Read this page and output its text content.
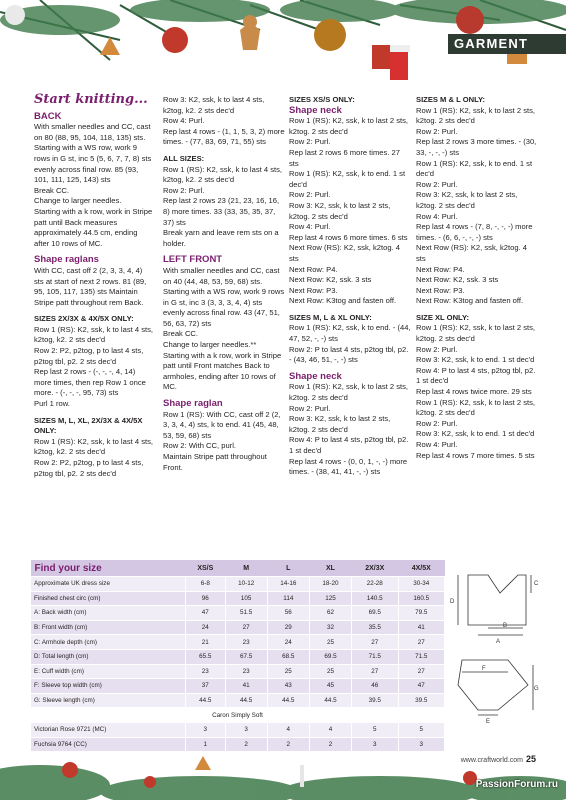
GARMENT
Start knitting...
BACK

With smaller needles and CC, cast on 80 (88, 95, 104, 118, 135) sts.

Starting with a WS row, work 9 rows in G st, inc 5 (5, 6, 7, 7, 8) sts evenly across final row. 85 (93, 101, 111, 125, 143) sts

Break CC.

Change to larger needles.

Starting with a k row, work in Stripe patt until Back measures approximately 44.5 cm, ending after 10 rows of MC.

Shape raglans

With CC, cast off 2 (2, 3, 3, 4, 4) sts at start of next 2 rows. 81 (89, 95, 105, 117, 135) sts Maintain Stripe patt throughout rem Back.

SIZES 2X/3X & 4X/5X ONLY:

Row 1 (RS): K2, ssk, k to last 4 sts, k2tog, k2. 2 sts dec'd

Row 2: P2, p2tog, p to last 4 sts, p2tog tbl, p2. 2 sts dec'd

Rep last 2 rows - (-, -, -, 4, 14) more times, then rep Row 1 once more. - (-, -, -, 95, 73) sts

Purl 1 row.

SIZES M, L, XL, 2X/3X & 4X/5X ONLY:

Row 1 (RS): K2, ssk, k to last 4 sts, k2tog, k2. 2 sts dec'd

Row 2: P2, p2tog, p to last 4 sts, p2tog tbl, p2. 2 sts dec'd

Row 3: K2, ssk, k to last 4 sts, k2tog, k2. 2 sts dec'd

Row 4: Purl.

Rep last 4 rows - (1, 1, 5, 3, 2) more times. - (77, 83, 69, 71, 55) sts

ALL SIZES:

Row 1 (RS): K2, ssk, k to last 4 sts, k2tog, k2. 2 sts dec'd

Row 2: Purl.

Rep last 2 rows 23 (21, 23, 16, 16, 8) more times. 33 (33, 35, 35, 37, 37) sts

Break yarn and leave rem sts on a holder.

LEFT FRONT

With smaller needles and CC, cast on 40 (44, 48, 53, 59, 68) sts.

Starting with a WS row, work 9 rows in G st, inc 3 (3, 3, 3, 4, 4) sts evenly across final row. 43 (47, 51, 56, 63, 72) sts

Break CC.

Change to larger needles.**

Starting with a k row, work in Stripe patt until Front matches Back to armholes, ending after 10 rows of MC.

Shape raglan

Row 1 (RS): With CC, cast off 2 (2, 3, 3, 4, 4) sts, k to end. 41 (45, 48, 53, 59, 68) sts

Row 2: With CC, purl.

Maintain Stripe patt throughout Front.

SIZES XS/S ONLY:
Shape neck

Row 1 (RS): K2, ssk, k to last 2 sts, k2tog. 2 sts dec'd

Row 2: Purl.

Rep last 2 rows 6 more times. 27 sts

Row 1 (RS): K2, ssk, k to end. 1 st dec'd

Row 2: Purl.

Row 3: K2, ssk, k to last 2 sts, k2tog. 2 sts dec'd

Row 4: Purl.

Rep last 4 rows 6 more times. 6 sts

Next Row (RS): K2, ssk, k2tog. 4 sts

Next Row: P4.

Next Row: K2, ssk. 3 sts

Next Row: P3.

Next Row: K3tog and fasten off.

SIZES M, L & XL ONLY:

Row 1 (RS): K2, ssk, k to end. - (44, 47, 52, -, -) sts

Row 2: P to last 4 sts, p2tog tbl, p2. - (43, 46, 51, -, -) sts

Shape neck

Row 1 (RS): K2, ssk, k to last 2 sts, k2tog. 2 sts dec'd

Row 2: Purl.

Row 3: K2, ssk, k to last 2 sts, k2tog. 2 sts dec'd

Row 4: P to last 4 sts, p2tog tbl, p2. 1 st dec'd

Rep last 4 rows - (0, 0, 1, -, -) more times. - (38, 41, 41, -, -) sts

SIZES M & L ONLY:

Row 1 (RS): K2, ssk, k to last 2 sts, k2tog. 2 sts dec'd

Row 2: Purl.

Rep last 2 rows 3 more times. - (30, 33, -, -, -) sts

Row 1 (RS): K2, ssk, k to end. 1 st dec'd

Row 2: Purl.

Row 3: K2, ssk, k to last 2 sts, k2tog. 2 sts dec'd

Row 4: Purl.

Rep last 4 rows - (7, 8, -, -, -) more times. - (6, 6, -, -, -) sts

Next Row (RS): K2, ssk, k2tog. 4 sts

Next Row: P4.

Next Row: K2, ssk. 3 sts

Next Row: P3.

Next Row: K3tog and fasten off.

SIZE XL ONLY:

Row 1 (RS): K2, ssk, k to last 2 sts, k2tog. 2 sts dec'd

Row 2: Purl.

Row 3: K2, ssk, k to end. 1 st dec'd

Row 4: P to last 4 sts, p2tog tbl, p2. 1 st dec'd

Rep last 4 rows twice more. 29 sts

Row 1 (RS): K2, ssk, k to last 2 sts, k2tog. 2 sts dec'd

Row 2: Purl.

Row 3: K2, ssk, k to end. 1 st dec'd

Row 4: Purl.

Rep last 4 rows 7 more times. 5 sts

Find your size	XS/S	M	L	XL	2X/3X	4X/5X
Approximate UK dress size	6-8	10-12	14-16	18-20	22-28	30-34
Finished chest circ (cm)	96	105	114	125	140.5	160.5
A: Back width (cm)	47	51.5	56	62	69.5	79.5
B: Front width (cm)	24	27	29	32	35.5	41
C: Armhole depth (cm)	21	23	24	25	27	27
D: Total length (cm)	65.5	67.5	68.5	69.5	71.5	71.5
E: Cuff width (cm)	23	23	25	25	27	27
F: Sleeve top width (cm)	37	41	43	45	46	47
G: Sleeve length (cm)	44.5	44.5	44.5	44.5	39.5	39.5
Caron Simply Soft						
Victorian Rose 9721 (MC)	3	3	4	4	5	5
Fuchsia 9764 (CC)	1	2	2	2	3	3
C
D
B
A
F
G
E
www.craftworld.com 25
PassionForum.ru
